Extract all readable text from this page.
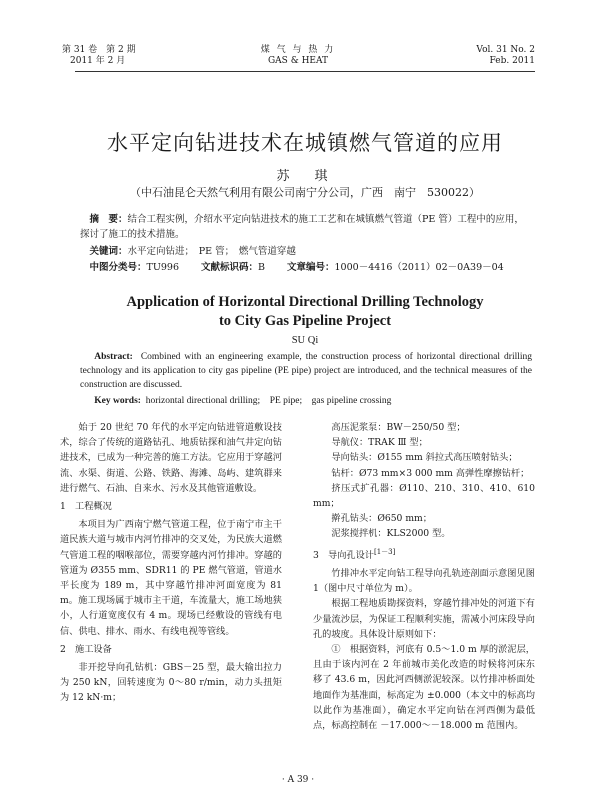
第 31 卷　第 2 期
2011 年 2 月
煤 气 与 热 力
GAS & HEAT
Vol. 31 No. 2
Feb. 2011
水平定向钻进技术在城镇燃气管道的应用
苏　琪
（中石油昆仑天然气利用有限公司南宁分公司，广西　南宁　530022）
摘　要：结合工程实例，介绍水平定向钻进技术的施工工艺和在城镇燃气管道（PE 管）工程中的应用，探讨了施工的技术措施。
关键词：水平定向钻进；　PE 管；　燃气管道穿越
中图分类号：TU996 文献标识码：B 文章编号：1000－4416（2011）02－0A39－04
Application of Horizontal Directional Drilling Technology
to City Gas Pipeline Project
SU Qi
Abstract: Combined with an engineering example, the construction process of horizontal directional drilling technology and its application to city gas pipeline (PE pipe) project are introduced, and the technical measures of the construction are discussed.
Key words: horizontal directional drilling;　PE pipe;　gas pipeline crossing

始于 20 世纪 70 年代的水平定向钻进管道敷设技术，综合了传统的道路钻孔、地质钻探和油气井定向钻进技术，已成为一种完善的施工方法。它应用于穿越河流、水渠、街道、公路、铁路、海滩、岛屿、建筑群来进行燃气、石油、自来水、污水及其他管道敷设。

1　工程概况

本项目为广西南宁燃气管道工程，位于南宁市主干道民族大道与城市内河竹排冲的交叉处，为民族大道燃气管道工程的咽喉部位，需要穿越内河竹排冲。穿越的管道为 Ø355 mm、SDR11 的 PE 燃气管道，管道水平长度为 189 m，其中穿越竹排冲河面宽度为 81 m。施工现场属于城市主干道，车流量大，施工场地狭小，人行道宽度仅有 4 m。现场已经敷设的管线有电信、供电、排水、雨水、有线电视等管线。

2　施工设备

非开挖导向孔钻机：GBS－25 型，最大输出拉力为 250 kN，回转速度为 0～80 r/min，动力头扭矩为 12 kN·m；

高压泥浆泵：BW－250/50 型；

导航仪：TRAK Ⅲ 型；

导向钻头：Ø155 mm 斜拉式高压喷射钻头；

钻杆：Ø73 mm×3 000 mm 高弹性摩擦钻杆；

挤压式扩孔器：Ø110、210、310、410、610 mm；

擀孔钻头：Ø650 mm；

泥浆搅拌机：KLS2000 型。

3　导向孔设计[1－3]

竹排冲水平定向钻工程导向孔轨迹剖面示意图见图 1（图中尺寸单位为 m）。

根据工程地质勘探资料，穿越竹排冲处的河道下有少量流沙层，为保证工程顺利实施，需减小河床段导向孔的坡度。具体设计原则如下：

①　根据资料，河底有 0.5～1.0 m 厚的淤泥层，且由于该内河在 2 年前城市美化改造的时候将河床东移了 43.6 m，因此河西侧淤泥较深。以竹排冲桥面处地面作为基准面，标高定为 ±0.000（本文中的标高均以此作为基准面），确定水平定向钻在河西侧为最低点，标高控制在 －17.000～－18.000 m 范围内。

· A 39 ·
